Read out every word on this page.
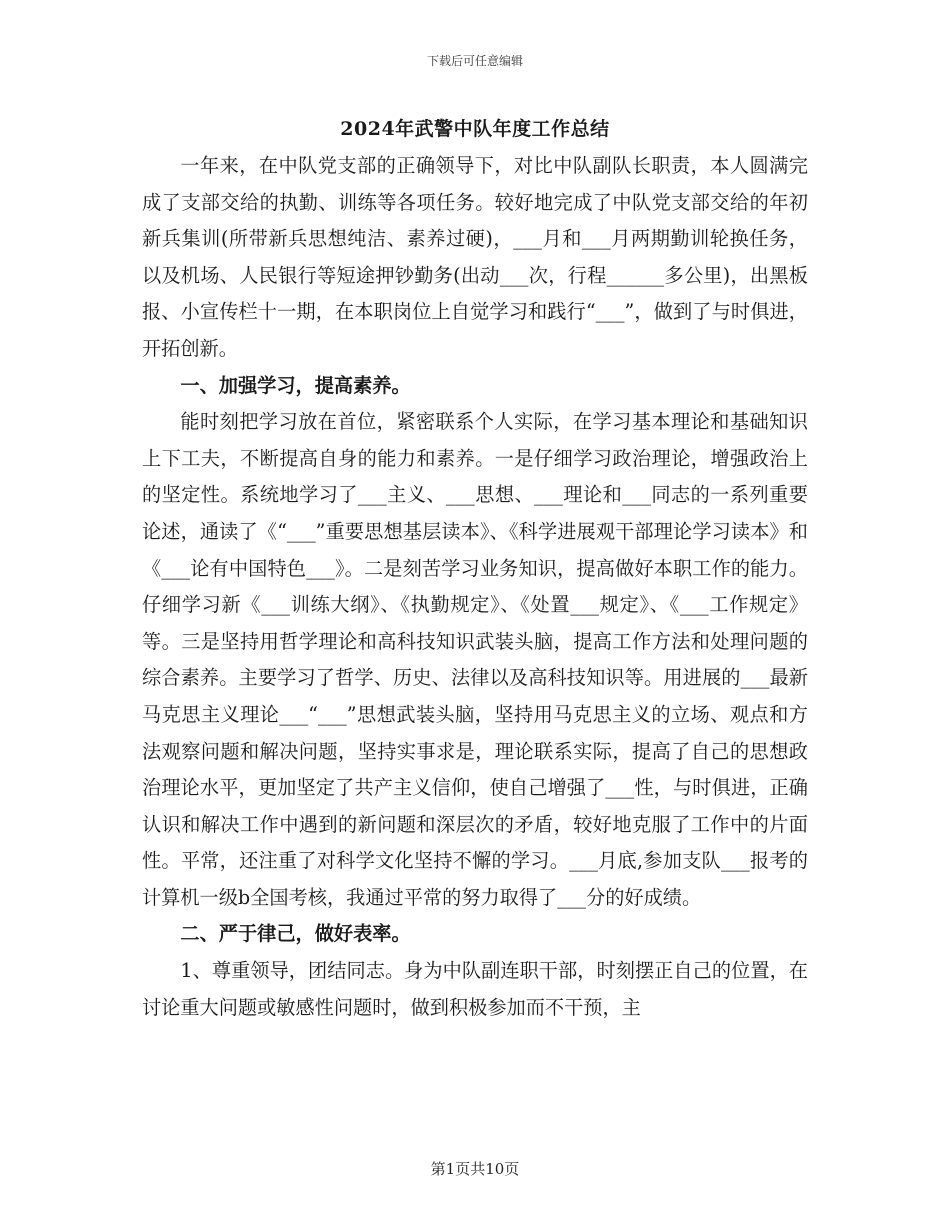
下载后可任意编辑
2024年武警中队年度工作总结

一年来，在中队党支部的正确领导下，对比中队副队长职责，本人圆满完成了支部交给的执勤、训练等各项任务。较好地完成了中队党支部交给的年初新兵集训(所带新兵思想纯洁、素养过硬)，___月和___月两期勤训轮换任务，以及机场、人民银行等短途押钞勤务(出动___次，行程______多公里)，出黑板报、小宣传栏十一期，在本职岗位上自觉学习和践行“___”，做到了与时俱进，开拓创新。

一、加强学习，提高素养。

能时刻把学习放在首位，紧密联系个人实际，在学习基本理论和基础知识上下工夫，不断提高自身的能力和素养。一是仔细学习政治理论，增强政治上的坚定性。系统地学习了___主义、___思想、___理论和___同志的一系列重要论述，通读了《“___”重要思想基层读本》、《科学进展观干部理论学习读本》和《___论有中国特色___》。二是刻苦学习业务知识，提高做好本职工作的能力。仔细学习新《___训练大纲》、《执勤规定》、《处置___规定》、《___工作规定》等。三是坚持用哲学理论和高科技知识武装头脑，提高工作方法和处理问题的综合素养。主要学习了哲学、历史、法律以及高科技知识等。用进展的___最新马克思主义理论___“___”思想武装头脑，坚持用马克思主义的立场、观点和方法观察问题和解决问题，坚持实事求是，理论联系实际，提高了自己的思想政治理论水平，更加坚定了共产主义信仰，使自己增强了___性，与时俱进，正确认识和解决工作中遇到的新问题和深层次的矛盾，较好地克服了工作中的片面性。平常，还注重了对科学文化坚持不懈的学习。___月底,参加支队___报考的计算机一级b全国考核，我通过平常的努力取得了___分的好成绩。

二、严于律己，做好表率。

1、尊重领导，团结同志。身为中队副连职干部，时刻摆正自己的位置，在讨论重大问题或敏感性问题时，做到积极参加而不干预，主

第1页共10页
